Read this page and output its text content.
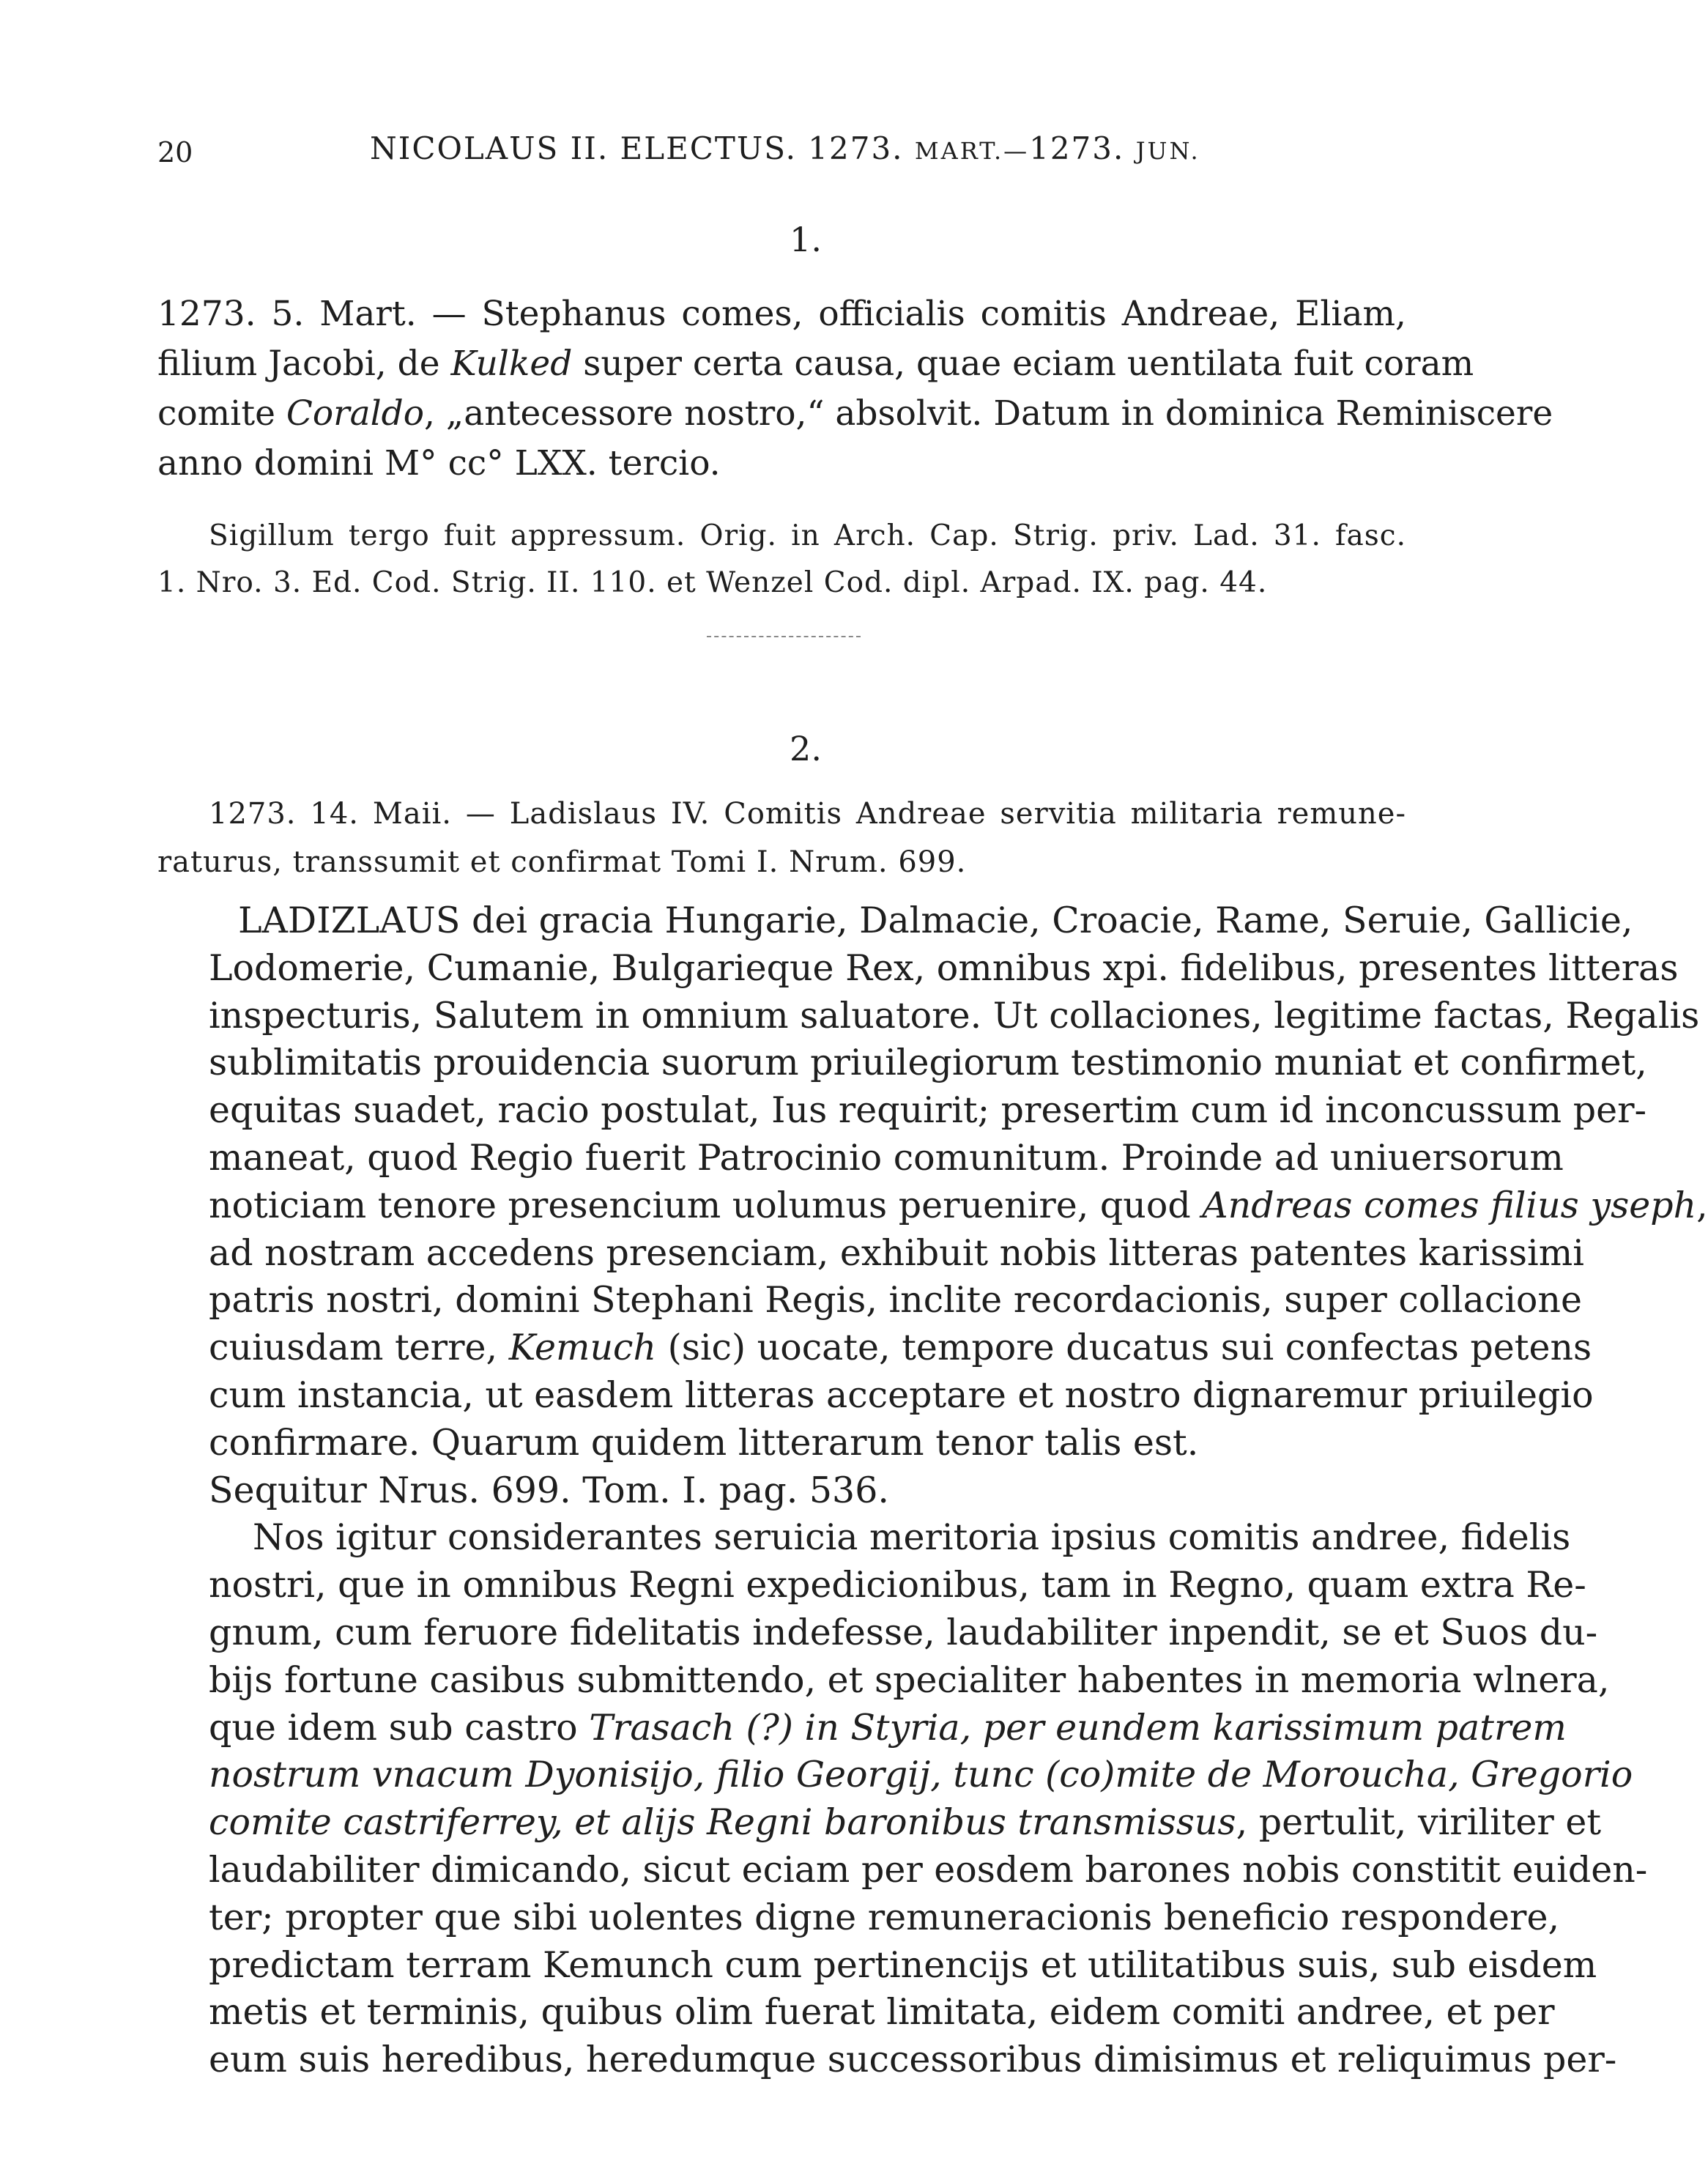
20	NICOLAUS II. ELECTUS. 1273. MART.—1273. JUN.
1.
1273. 5. Mart. — Stephanus comes, officialis comitis Andreae, Eliam,
filium Jacobi, de Kulked super certa causa, quae eciam uentilata fuit coram
comite Coraldo, „antecessore nostro,“ absolvit. Datum in dominica Reminiscere
anno domini M° cc° LXX. tercio.
Sigillum tergo fuit appressum. Orig. in Arch. Cap. Strig. priv. Lad. 31. fasc.
1. Nro. 3. Ed. Cod. Strig. II. 110. et Wenzel Cod. dipl. Arpad. IX. pag. 44.
2.
1273. 14. Maii. — Ladislaus IV. Comitis Andreae servitia militaria remune-
raturus, transsumit et confirmat Tomi I. Nrum. 699.
LADIZLAUS dei gracia Hungarie, Dalmacie, Croacie, Rame, Seruie, Gallicie,
Lodomerie, Cumanie, Bulgarieque Rex, omnibus xpi. fidelibus, presentes litteras
inspecturis, Salutem in omnium saluatore. Ut collaciones, legitime factas, Regalis
sublimitatis prouidencia suorum priuilegiorum testimonio muniat et confirmet,
equitas suadet, racio postulat, Ius requirit; presertim cum id inconcussum per-
maneat, quod Regio fuerit Patrocinio comunitum. Proinde ad uniuersorum
noticiam tenore presencium uolumus peruenire, quod Andreas comes filius yseph,
ad nostram accedens presenciam, exhibuit nobis litteras patentes karissimi
patris nostri, domini Stephani Regis, inclite recordacionis, super collacione
cuiusdam terre, Kemuch (sic) uocate, tempore ducatus sui confectas petens
cum instancia, ut easdem litteras acceptare et nostro dignaremur priuilegio
confirmare. Quarum quidem litterarum tenor talis est.
Sequitur Nrus. 699. Tom. I. pag. 536.
Nos igitur considerantes seruicia meritoria ipsius comitis andree, fidelis
nostri, que in omnibus Regni expedicionibus, tam in Regno, quam extra Re-
gnum, cum feruore fidelitatis indefesse, laudabiliter inpendit, se et Suos du-
bijs fortune casibus submittendo, et specialiter habentes in memoria wlnera,
que idem sub castro Trasach (?) in Styria, per eundem karissimum patrem
nostrum vnacum Dyonisijo, filio Georgij, tunc (co)mite de Moroucha, Gregorio
comite castriferrey, et alijs Regni baronibus transmissus, pertulit, viriliter et
laudabiliter dimicando, sicut eciam per eosdem barones nobis constitit euiden-
ter; propter que sibi uolentes digne remuneracionis beneficio respondere,
predictam terram Kemunch cum pertinencijs et utilitatibus suis, sub eisdem
metis et terminis, quibus olim fuerat limitata, eidem comiti andree, et per
eum suis heredibus, heredumque successoribus dimisimus et reliquimus per-
